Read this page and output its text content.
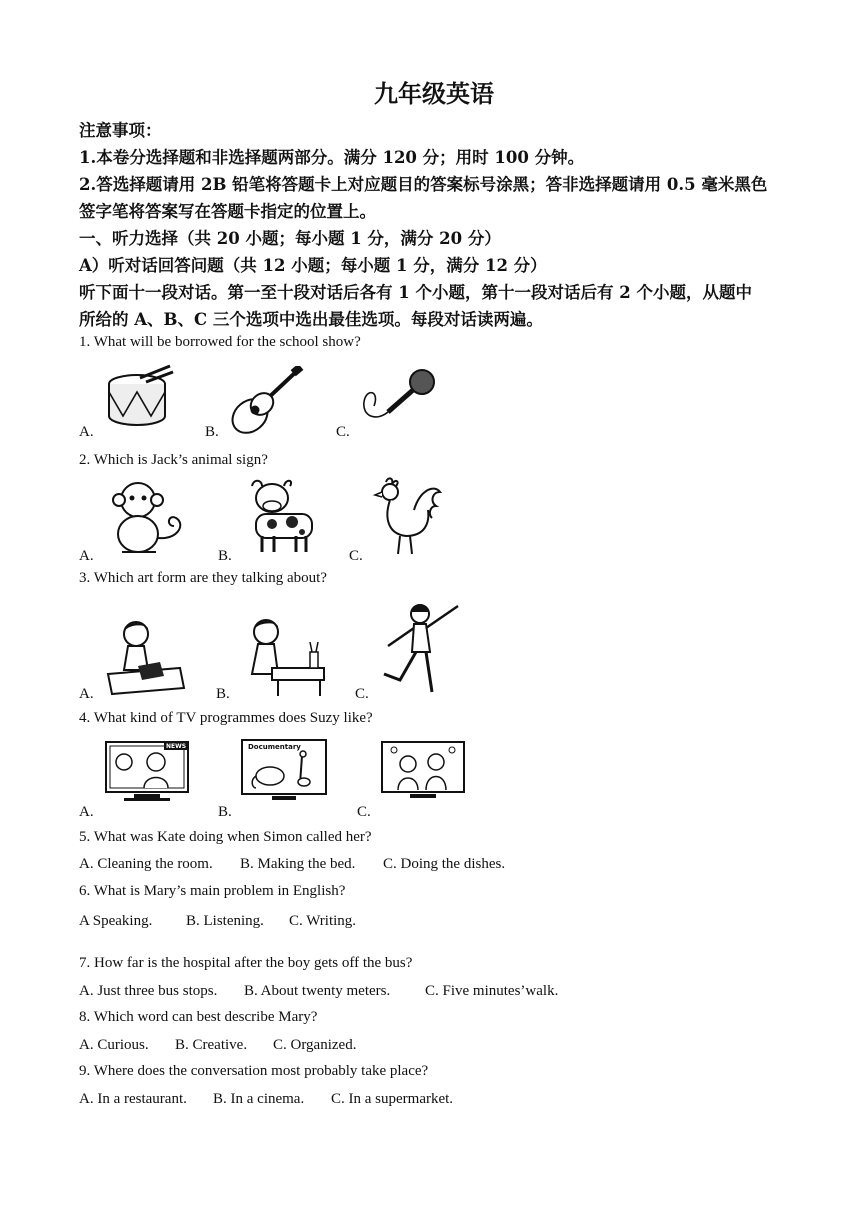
九年级英语
注意事项：
1.本卷分选择题和非选择题两部分。满分 120 分；用时 100 分钟。
2.答选择题请用 2B 铅笔将答题卡上对应题目的答案标号涂黑；答非选择题请用 0.5 毫米黑色
签字笔将答案写在答题卡指定的位置上。
一、听力选择（共 20 小题；每小题 1 分，满分 20 分）
A）听对话回答问题（共 12 小题；每小题 1 分，满分 12 分）
听下面十一段对话。第一至十段对话后各有 1 个小题，第十一段对话后有 2 个小题，从题中
所给的 A、B、C 三个选项中选出最佳选项。每段对话读两遍。
1. What will be borrowed for the school show?
A.	B.	C.
2. Which is Jack’s animal sign?
A.	B.	C.
3. Which art form are they talking about?
A.	B.	C.
4. What kind of TV programmes does Suzy like?
NEWS	Documentary
A.	B.	C.
5. What was Kate doing when Simon called her?
A. Cleaning the room. B. Making the bed. C. Doing the dishes.
6. What is Mary’s main problem in English?
A Speaking. B. Listening. C. Writing.
7. How far is the hospital after the boy gets off the bus?
A. Just three bus stops. B. About twenty meters. C. Five minutes’walk.
8. Which word can best describe Mary?
A. Curious. B. Creative. C. Organized.
9. Where does the conversation most probably take place?
A. In a restaurant. B. In a cinema. C. In a supermarket.
